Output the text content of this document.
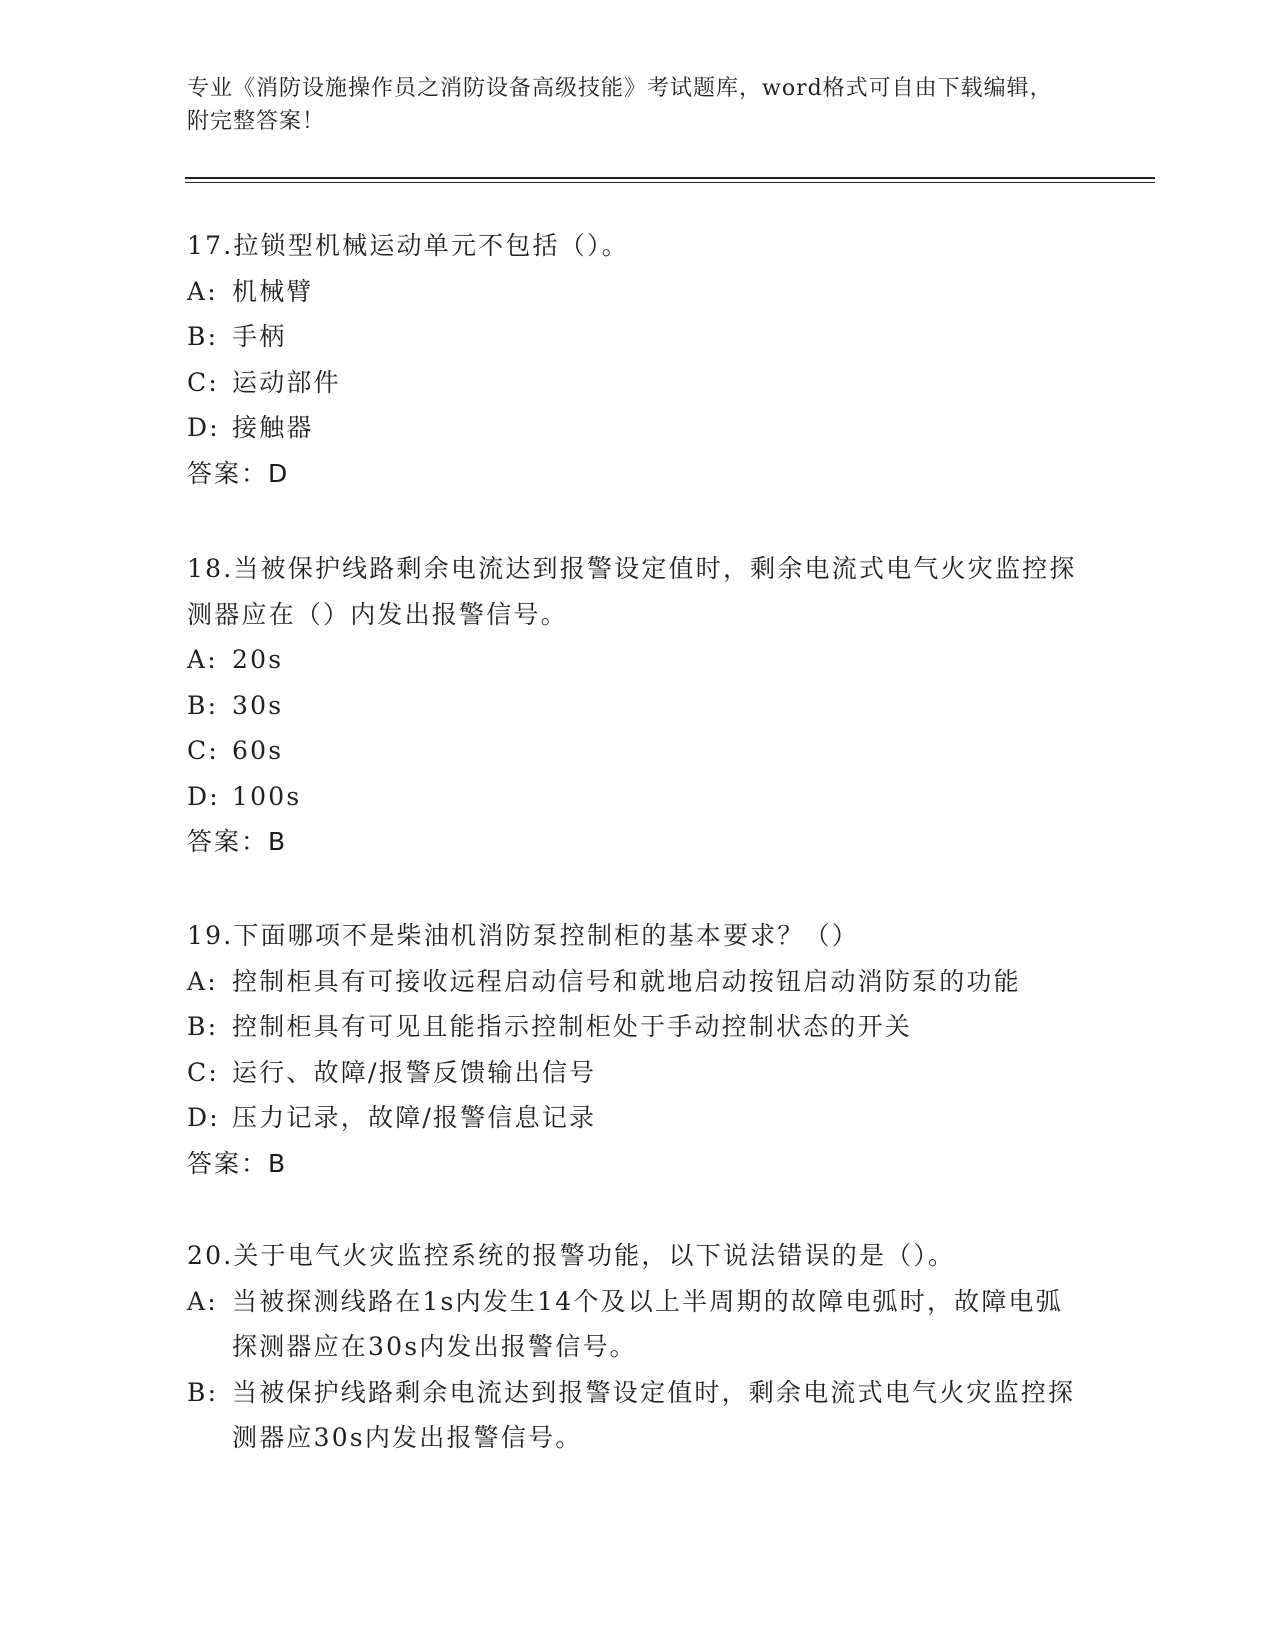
专业《消防设施操作员之消防设备高级技能》考试题库，word格式可自由下载编辑，附完整答案！
17.拉锁型机械运动单元不包括（）。
A: 机械臂
B: 手柄
C: 运动部件
D: 接触器
答案：D
18.当被保护线路剩余电流达到报警设定值时，剩余电流式电气火灾监控探测器应在（）内发出报警信号。
A: 20s
B: 30s
C: 60s
D: 100s
答案：B
19.下面哪项不是柴油机消防泵控制柜的基本要求？（）
A: 控制柜具有可接收远程启动信号和就地启动按钮启动消防泵的功能
B: 控制柜具有可见且能指示控制柜处于手动控制状态的开关
C: 运行、故障/报警反馈输出信号
D: 压力记录，故障/报警信息记录
答案：B
20.关于电气火灾监控系统的报警功能，以下说法错误的是（）。
A: 当被探测线路在1s内发生14个及以上半周期的故障电弧时，故障电弧探测器应在30s内发出报警信号。
B: 当被保护线路剩余电流达到报警设定值时，剩余电流式电气火灾监控探测器应30s内发出报警信号。
